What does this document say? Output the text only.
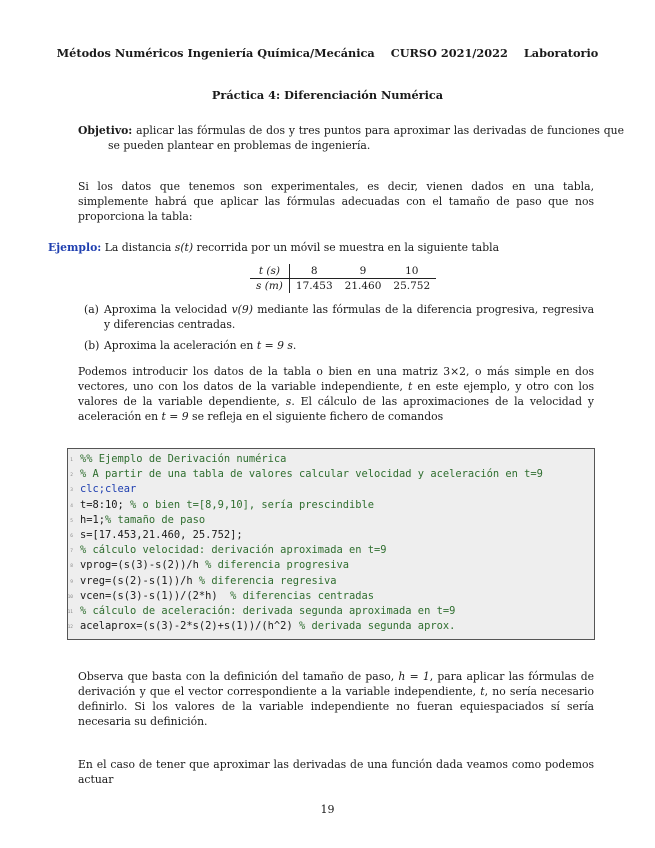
Métodos Numéricos Ingeniería Química/Mecánica CURSO 2021/2022 Laboratorio
Práctica 4: Diferenciación Numérica
Objetivo: aplicar las fórmulas de dos y tres puntos para aproximar las derivadas de funciones que se pueden plantear en problemas de ingeniería.
Si los datos que tenemos son experimentales, es decir, vienen dados en una tabla, simplemente habrá que aplicar las fórmulas adecuadas con el tamaño de paso que nos proporciona la tabla:
Ejemplo: La distancia s(t) recorrida por un móvil se muestra en la siguiente tabla
t (s)	8	9	10
s (m)	17.453	21.460	25.752
(a) Aproxima la velocidad v(9) mediante las fórmulas de la diferencia progresiva, regresiva y diferencias centradas.
(b) Aproxima la aceleración en t = 9 s.
Podemos introducir los datos de la tabla o bien en una matriz 3×2, o más simple en dos vectores, uno con los datos de la variable independiente, t en este ejemplo, y otro con los valores de la variable dependiente, s. El cálculo de las aproximaciones de la velocidad y aceleración en t = 9 se refleja en el siguiente fichero de comandos
1 %% Ejemplo de Derivación numérica
2 % A partir de una tabla de valores calcular velocidad y aceleración en t=9
3 clc;clear
4 t=8:10; % o bien t=[8,9,10], sería prescindible
5 h=1;% tamaño de paso
6 s=[17.453,21.460, 25.752];
7 % cálculo velocidad: derivación aproximada en t=9
8 vprog=(s(3)-s(2))/h % diferencia progresiva
9 vreg=(s(2)-s(1))/h % diferencia regresiva
10 vcen=(s(3)-s(1))/(2*h)  % diferencias centradas
11 % cálculo de aceleración: derivada segunda aproximada en t=9
12 acelaprox=(s(3)-2*s(2)+s(1))/(h^2) % derivada segunda aprox.
Observa que basta con la definición del tamaño de paso, h = 1, para aplicar las fórmulas de derivación y que el vector correspondiente a la variable independiente, t, no sería necesario definirlo. Si los valores de la variable independiente no fueran equiespaciados sí sería necesaria su definición.
En el caso de tener que aproximar las derivadas de una función dada veamos como podemos actuar
19
